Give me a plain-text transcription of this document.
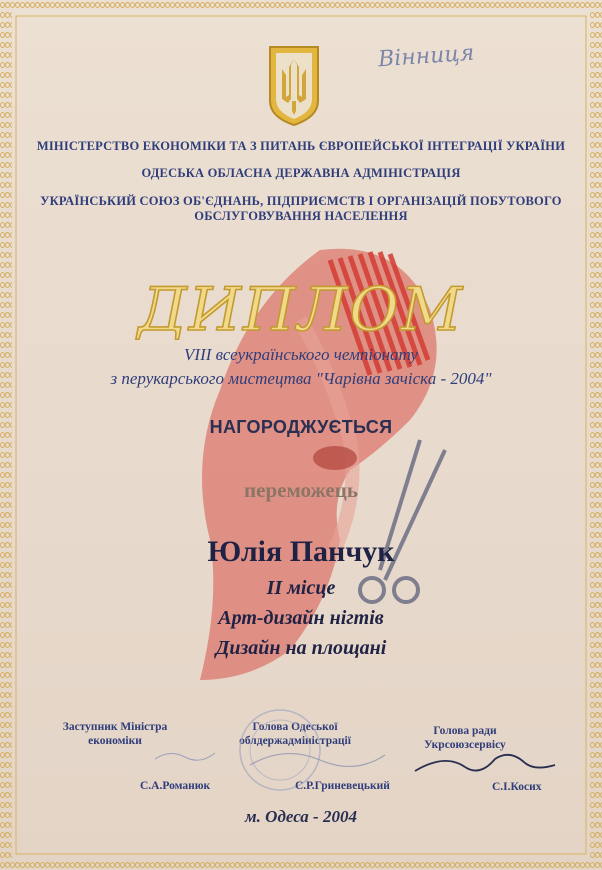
Вінниця
МІНІСТЕРСТВО ЕКОНОМІКИ ТА З ПИТАНЬ ЄВРОПЕЙСЬКОЇ ІНТЕГРАЦІЇ УКРАЇНИ
ОДЕСЬКА ОБЛАСНА ДЕРЖАВНА АДМІНІСТРАЦІЯ
УКРАЇНСЬКИЙ СОЮЗ ОБ'ЄДНАНЬ, ПІДПРИЄМСТВ І ОРГАНІЗАЦІЙ ПОБУТОВОГО
ОБСЛУГОВУВАННЯ НАСЕЛЕННЯ
ДИПЛОМ
VIII всеукраїнського чемпіонату
з перукарського мистецтва "Чарівна зачіска - 2004"
НАГОРОДЖУЄТЬСЯ
переможець
Юлія Панчук
II місце
Арт-дизайн нігтів
Дизайн на площані
Заступник Міністра
економіки
Голова Одеської
облдержадміністрації
Голова ради
Укрсоюзсервісу
С.А.Романюк	С.Р.Гриневецький	С.І.Косих
м. Одеса - 2004
